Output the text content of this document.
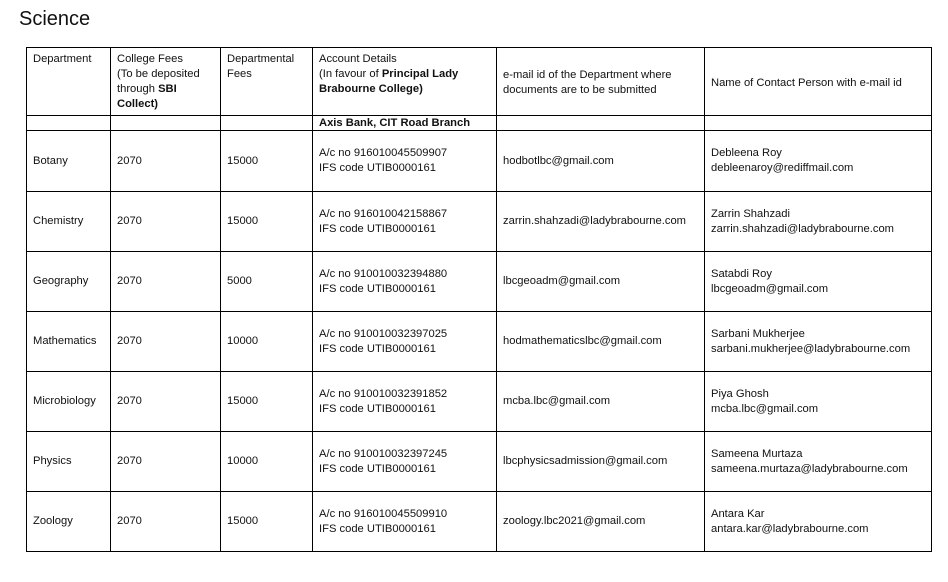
Science
Department	College Fees
(To be deposited
through SBI
Collect)	Departmental
Fees	Account Details
(In favour of Principal Lady
Brabourne College)	e-mail id of the Department where documents are to be submitted	Name of Contact Person with e-mail id
			Axis Bank, CIT Road Branch		
Botany	2070	15000	A/c no 916010045509907
IFS code UTIB0000161	hodbotlbc@gmail.com	Debleena Roy
debleenaroy@rediffmail.com
Chemistry	2070	15000	A/c no 916010042158867
IFS code UTIB0000161	zarrin.shahzadi@ladybrabourne.com	Zarrin Shahzadi
zarrin.shahzadi@ladybrabourne.com
Geography	2070	5000	A/c no 910010032394880
IFS code UTIB0000161	lbcgeoadm@gmail.com	Satabdi Roy
lbcgeoadm@gmail.com
Mathematics	2070	10000	A/c no 910010032397025
IFS code UTIB0000161	hodmathematicslbc@gmail.com	Sarbani Mukherjee
sarbani.mukherjee@ladybrabourne.com
Microbiology	2070	15000	A/c no 910010032391852
IFS code UTIB0000161	mcba.lbc@gmail.com	Piya Ghosh
mcba.lbc@gmail.com
Physics	2070	10000	A/c no 910010032397245
IFS code UTIB0000161	lbcphysicsadmission@gmail.com	Sameena Murtaza
sameena.murtaza@ladybrabourne.com
Zoology	2070	15000	A/c no 916010045509910
IFS code UTIB0000161	zoology.lbc2021@gmail.com	Antara Kar
antara.kar@ladybrabourne.com
